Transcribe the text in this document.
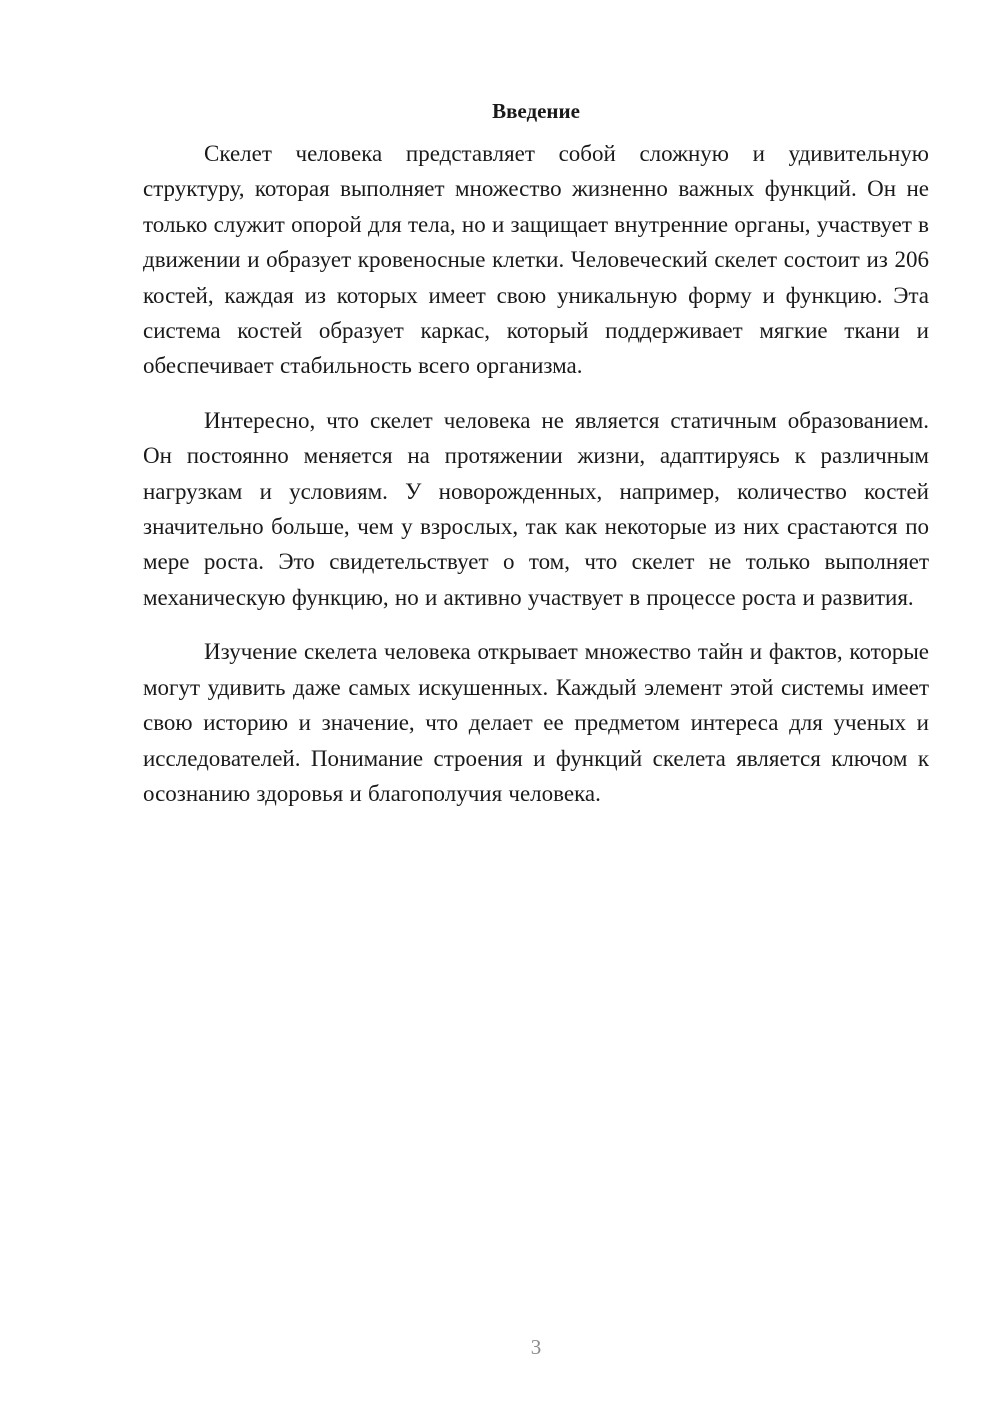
Введение

Скелет человека представляет собой сложную и удивительную структуру, которая выполняет множество жизненно важных функций. Он не только служит опорой для тела, но и защищает внутренние органы, участвует в движении и образует кровеносные клетки. Человеческий скелет состоит из 206 костей, каждая из которых имеет свою уникальную форму и функцию. Эта система костей образует каркас, который поддерживает мягкие ткани и обеспечивает стабильность всего организма.

Интересно, что скелет человека не является статичным образованием. Он постоянно меняется на протяжении жизни, адаптируясь к различным нагрузкам и условиям. У новорожденных, например, количество костей значительно больше, чем у взрослых, так как некоторые из них срастаются по мере роста. Это свидетельствует о том, что скелет не только выполняет механическую функцию, но и активно участвует в процессе роста и развития.

Изучение скелета человека открывает множество тайн и фактов, которые могут удивить даже самых искушенных. Каждый элемент этой системы имеет свою историю и значение, что делает ее предметом интереса для ученых и исследователей. Понимание строения и функций скелета является ключом к осознанию здоровья и благополучия человека.

3
